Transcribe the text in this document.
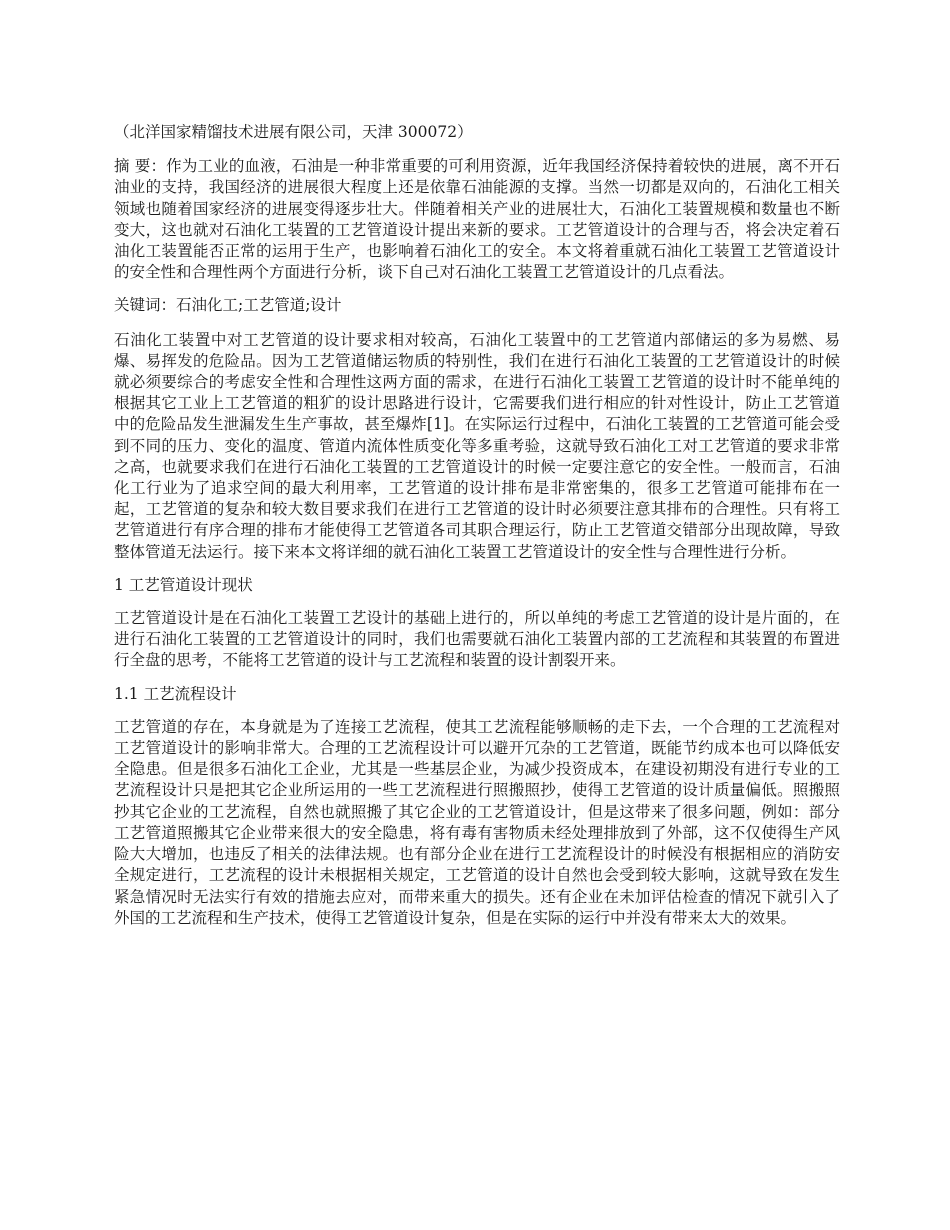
（北洋国家精馏技术进展有限公司，天津 300072）

摘 要：作为工业的血液，石油是一种非常重要的可利用资源，近年我国经济保持着较快的进展，离不开石油业的支持，我国经济的进展很大程度上还是依靠石油能源的支撑。当然一切都是双向的，石油化工相关领域也随着国家经济的进展变得逐步壮大。伴随着相关产业的进展壮大，石油化工装置规模和数量也不断变大，这也就对石油化工装置的工艺管道设计提出来新的要求。工艺管道设计的合理与否，将会决定着石油化工装置能否正常的运用于生产，也影响着石油化工的安全。本文将着重就石油化工装置工艺管道设计的安全性和合理性两个方面进行分析，谈下自己对石油化工装置工艺管道设计的几点看法。

关键词：石油化工;工艺管道;设计

石油化工装置中对工艺管道的设计要求相对较高，石油化工装置中的工艺管道内部储运的多为易燃、易爆、易挥发的危险品。因为工艺管道储运物质的特别性，我们在进行石油化工装置的工艺管道设计的时候就必须要综合的考虑安全性和合理性这两方面的需求，在进行石油化工装置工艺管道的设计时不能单纯的根据其它工业上工艺管道的粗犷的设计思路进行设计，它需要我们进行相应的针对性设计，防止工艺管道中的危险品发生泄漏发生生产事故，甚至爆炸[1]。在实际运行过程中，石油化工装置的工艺管道可能会受到不同的压力、变化的温度、管道内流体性质变化等多重考验，这就导致石油化工对工艺管道的要求非常之高，也就要求我们在进行石油化工装置的工艺管道设计的时候一定要注意它的安全性。一般而言，石油化工行业为了追求空间的最大利用率，工艺管道的设计排布是非常密集的，很多工艺管道可能排布在一起，工艺管道的复杂和较大数目要求我们在进行工艺管道的设计时必须要注意其排布的合理性。只有将工艺管道进行有序合理的排布才能使得工艺管道各司其职合理运行，防止工艺管道交错部分出现故障，导致整体管道无法运行。接下来本文将详细的就石油化工装置工艺管道设计的安全性与合理性进行分析。

1 工艺管道设计现状

工艺管道设计是在石油化工装置工艺设计的基础上进行的，所以单纯的考虑工艺管道的设计是片面的，在进行石油化工装置的工艺管道设计的同时，我们也需要就石油化工装置内部的工艺流程和其装置的布置进行全盘的思考，不能将工艺管道的设计与工艺流程和装置的设计割裂开来。

1.1 工艺流程设计

工艺管道的存在，本身就是为了连接工艺流程，使其工艺流程能够顺畅的走下去，一个合理的工艺流程对工艺管道设计的影响非常大。合理的工艺流程设计可以避开冗杂的工艺管道，既能节约成本也可以降低安全隐患。但是很多石油化工企业，尤其是一些基层企业，为减少投资成本，在建设初期没有进行专业的工艺流程设计只是把其它企业所运用的一些工艺流程进行照搬照抄，使得工艺管道的设计质量偏低。照搬照抄其它企业的工艺流程，自然也就照搬了其它企业的工艺管道设计，但是这带来了很多问题，例如：部分工艺管道照搬其它企业带来很大的安全隐患，将有毒有害物质未经处理排放到了外部，这不仅使得生产风险大大增加，也违反了相关的法律法规。也有部分企业在进行工艺流程设计的时候没有根据相应的消防安全规定进行，工艺流程的设计未根据相关规定，工艺管道的设计自然也会受到较大影响，这就导致在发生紧急情况时无法实行有效的措施去应对，而带来重大的损失。还有企业在未加评估检查的情况下就引入了外国的工艺流程和生产技术，使得工艺管道设计复杂，但是在实际的运行中并没有带来太大的效果。
